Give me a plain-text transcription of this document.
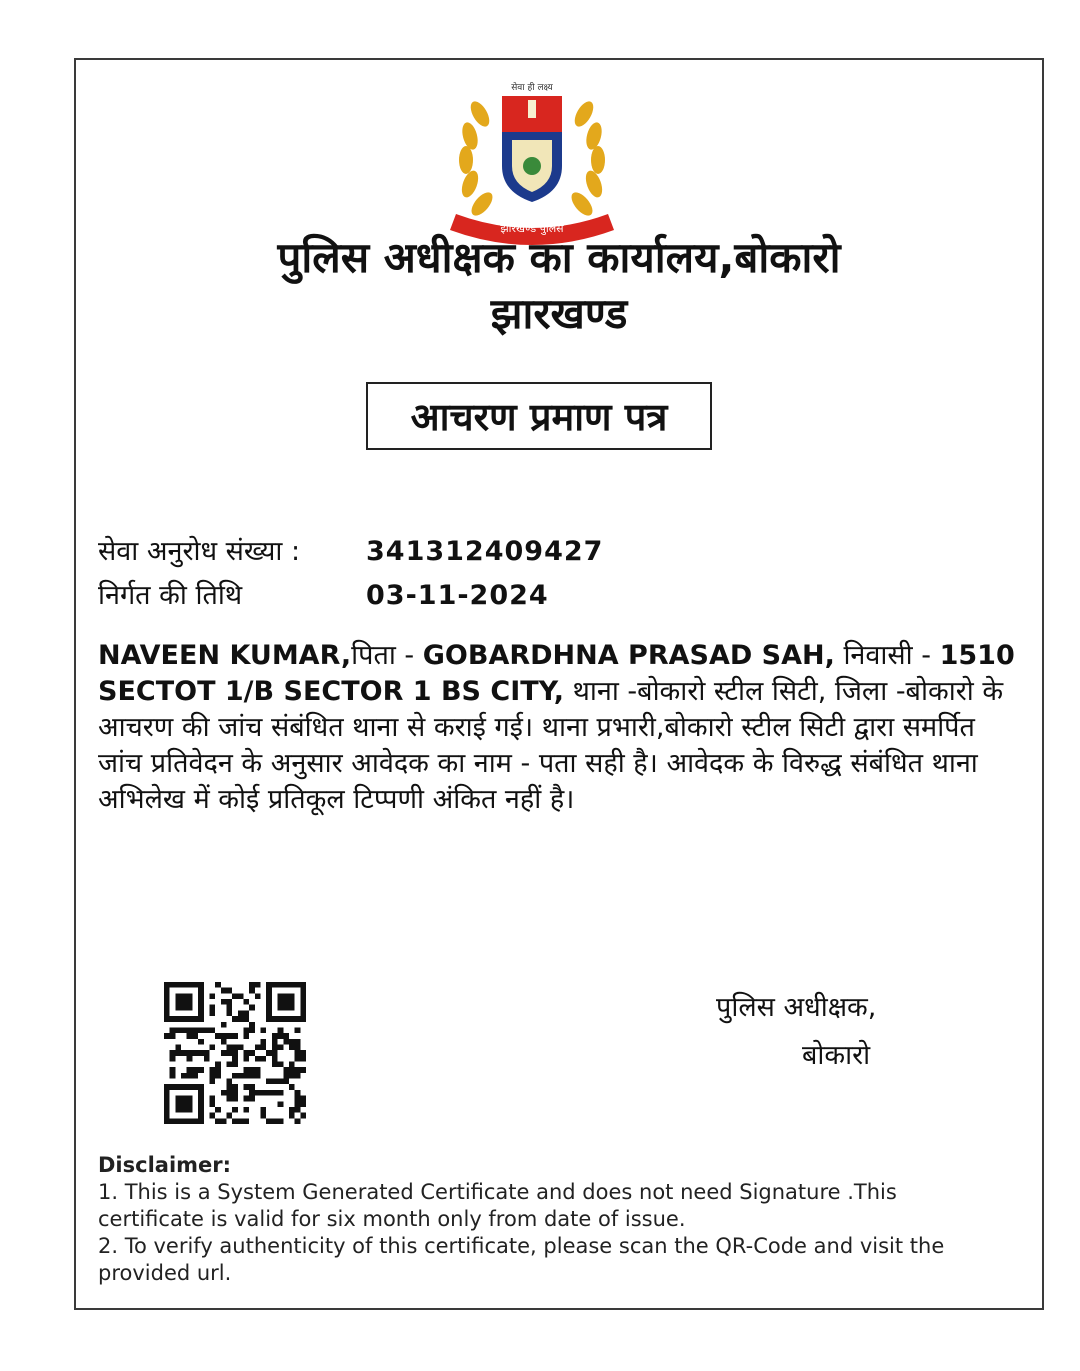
झारखण्ड पुलिस
सेवा ही लक्ष्य
पुलिस अधीक्षक का कार्यालय,बोकारो
झारखण्ड
आचरण प्रमाण पत्र
सेवा अनुरोध संख्या :	341312409427
निर्गत की तिथि	03-11-2024
NAVEEN KUMAR,पिता - GOBARDHNA PRASAD SAH, निवासी - 1510 SECTOT 1/B SECTOR 1 BS CITY, थाना -बोकारो स्टील सिटी, जिला -बोकारो के आचरण की जांच संबंधित थाना से कराई गई। थाना प्रभारी,बोकारो स्टील सिटी द्वारा समर्पित जांच प्रतिवेदन के अनुसार आवेदक का नाम - पता सही है। आवेदक के विरुद्ध संबंधित थाना अभिलेख में कोई प्रतिकूल टिप्पणी अंकित नहीं है।
पुलिस अधीक्षक,
बोकारो
Disclaimer:
1. This is a System Generated Certificate and does not need Signature .This certificate is valid for six month only from date of issue.
2. To verify authenticity of this certificate, please scan the QR-Code and visit the provided url.
